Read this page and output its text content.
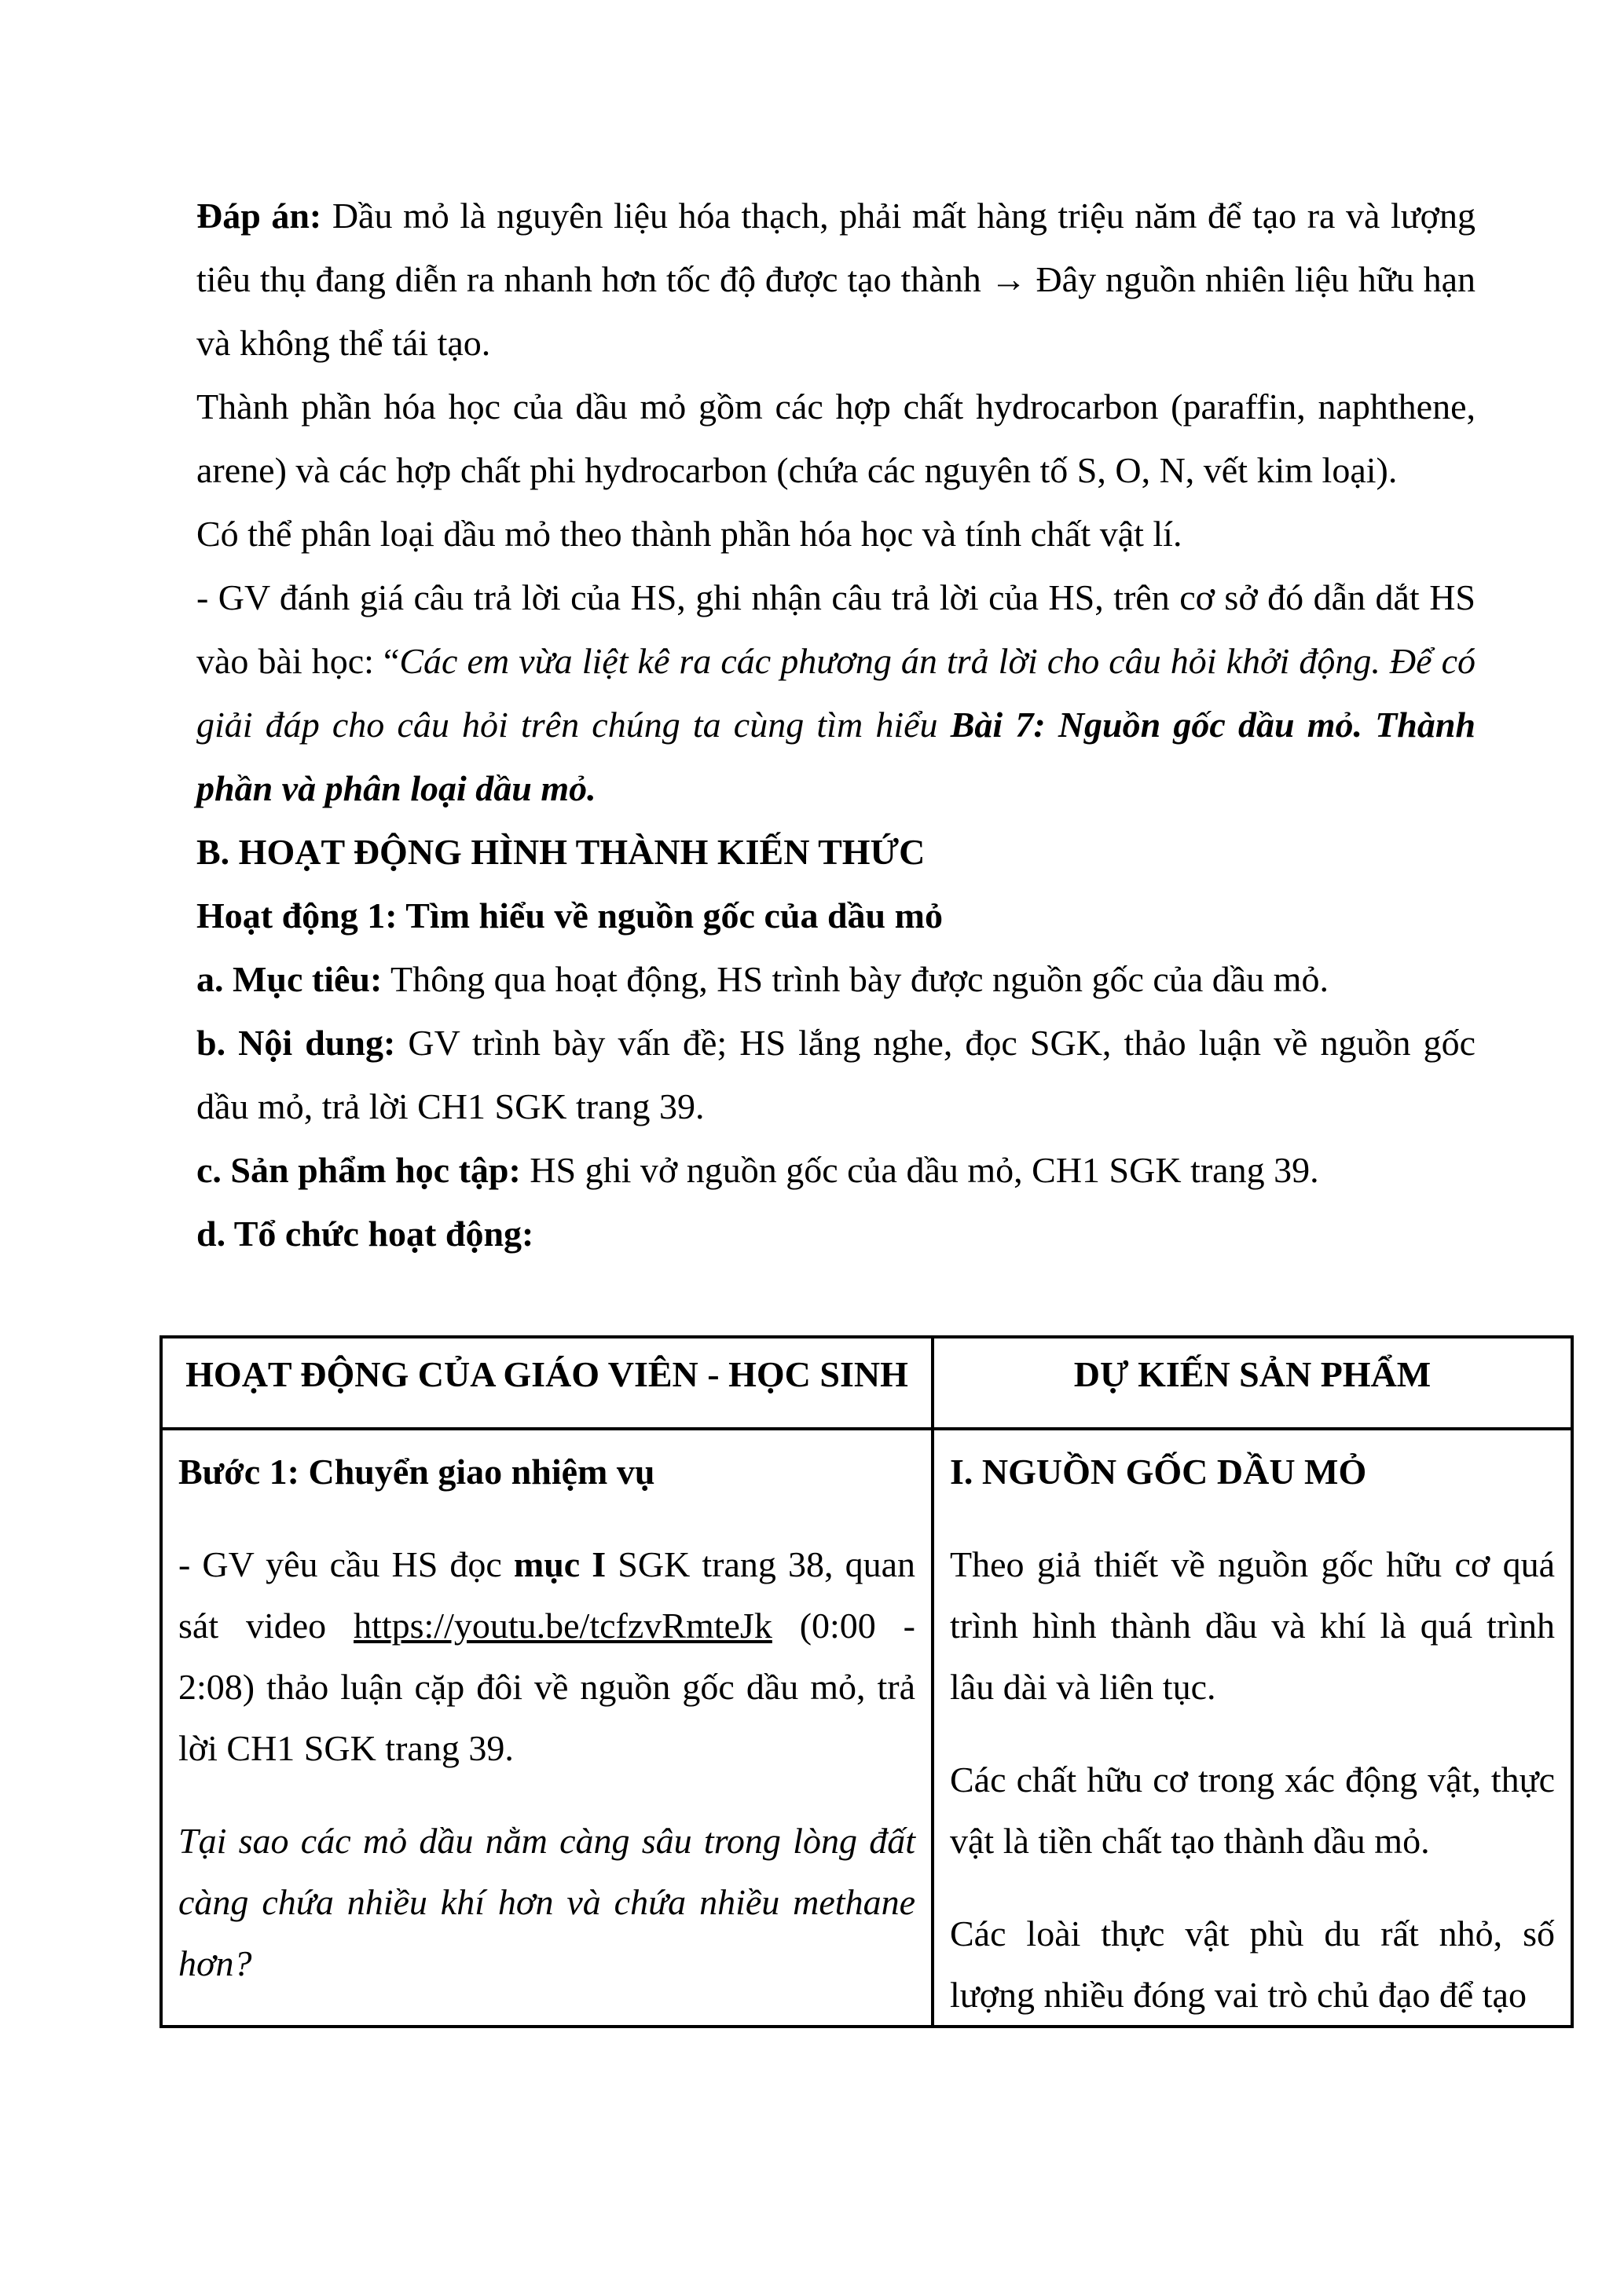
Đáp án: Dầu mỏ là nguyên liệu hóa thạch, phải mất hàng triệu năm để tạo ra và lượng tiêu thụ đang diễn ra nhanh hơn tốc độ được tạo thành → Đây nguồn nhiên liệu hữu hạn và không thể tái tạo.

Thành phần hóa học của dầu mỏ gồm các hợp chất hydrocarbon (paraffin, naphthene, arene) và các hợp chất phi hydrocarbon (chứa các nguyên tố S, O, N, vết kim loại).

Có thể phân loại dầu mỏ theo thành phần hóa học và tính chất vật lí.

- GV đánh giá câu trả lời của HS, ghi nhận câu trả lời của HS, trên cơ sở đó dẫn dắt HS vào bài học: “Các em vừa liệt kê ra các phương án trả lời cho câu hỏi khởi động. Để có giải đáp cho câu hỏi trên chúng ta cùng tìm hiểu Bài 7: Nguồn gốc dầu mỏ. Thành phần và phân loại dầu mỏ.

B. HOẠT ĐỘNG HÌNH THÀNH KIẾN THỨC

Hoạt động 1: Tìm hiểu về nguồn gốc của dầu mỏ

a. Mục tiêu: Thông qua hoạt động, HS trình bày được nguồn gốc của dầu mỏ.

b. Nội dung: GV trình bày vấn đề; HS lắng nghe, đọc SGK, thảo luận về nguồn gốc dầu mỏ, trả lời CH1 SGK trang 39.

c. Sản phẩm học tập: HS ghi vở nguồn gốc của dầu mỏ, CH1 SGK trang 39.

d. Tổ chức hoạt động:

HOẠT ĐỘNG CỦA GIÁO VIÊN - HỌC SINH	DỰ KIẾN SẢN PHẨM

Bước 1: Chuyển giao nhiệm vụ

- GV yêu cầu HS đọc mục I SGK trang 38, quan sát video https://youtu.be/tcfzvRmteJk (0:00 - 2:08) thảo luận cặp đôi về nguồn gốc dầu mỏ, trả lời CH1 SGK trang 39.

Tại sao các mỏ dầu nằm càng sâu trong lòng đất càng chứa nhiều khí hơn và chứa nhiều methane hơn?

I. NGUỒN GỐC DẦU MỎ

Theo giả thiết về nguồn gốc hữu cơ quá trình hình thành dầu và khí là quá trình lâu dài và liên tục.

Các chất hữu cơ trong xác động vật, thực vật là tiền chất tạo thành dầu mỏ.

Các loài thực vật phù du rất nhỏ, số lượng nhiều đóng vai trò chủ đạo để tạo
